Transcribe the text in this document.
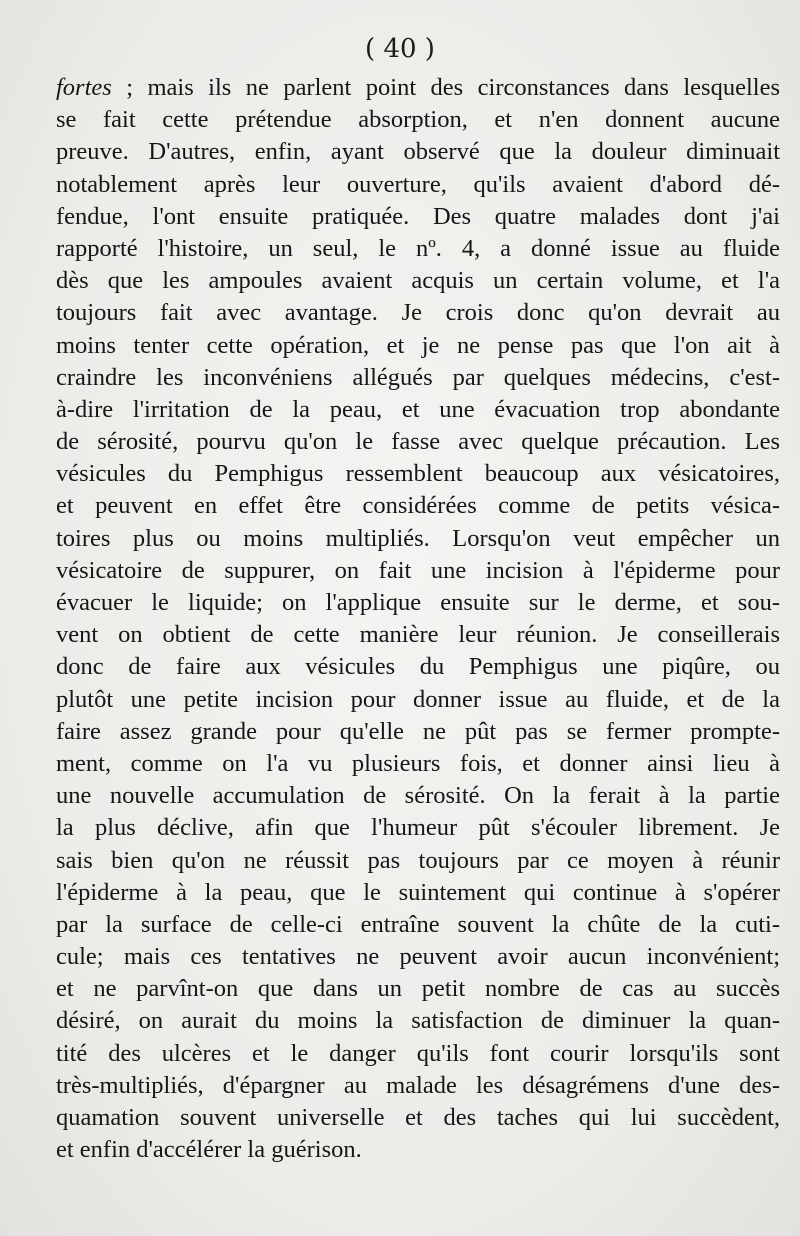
( 40 )
fortes ; mais ils ne parlent point des circonstances dans lesquelles
se fait cette prétendue absorption, et n'en donnent aucune
preuve. D'autres, enfin, ayant observé que la douleur diminuait
notablement après leur ouverture, qu'ils avaient d'abord dé-
fendue, l'ont ensuite pratiquée. Des quatre malades dont j'ai
rapporté l'histoire, un seul, le nº. 4, a donné issue au fluide
dès que les ampoules avaient acquis un certain volume, et l'a
toujours fait avec avantage. Je crois donc qu'on devrait au
moins tenter cette opération, et je ne pense pas que l'on ait à
craindre les inconvéniens allégués par quelques médecins, c'est-
à-dire l'irritation de la peau, et une évacuation trop abondante
de sérosité, pourvu qu'on le fasse avec quelque précaution. Les
vésicules du Pemphigus ressemblent beaucoup aux vésicatoires,
et peuvent en effet être considérées comme de petits vésica-
toires plus ou moins multipliés. Lorsqu'on veut empêcher un
vésicatoire de suppurer, on fait une incision à l'épiderme pour
évacuer le liquide; on l'applique ensuite sur le derme, et sou-
vent on obtient de cette manière leur réunion. Je conseillerais
donc de faire aux vésicules du Pemphigus une piqûre, ou
plutôt une petite incision pour donner issue au fluide, et de la
faire assez grande pour qu'elle ne pût pas se fermer prompte-
ment, comme on l'a vu plusieurs fois, et donner ainsi lieu à
une nouvelle accumulation de sérosité. On la ferait à la partie
la plus déclive, afin que l'humeur pût s'écouler librement. Je
sais bien qu'on ne réussit pas toujours par ce moyen à réunir
l'épiderme à la peau, que le suintement qui continue à s'opérer
par la surface de celle-ci entraîne souvent la chûte de la cuti-
cule; mais ces tentatives ne peuvent avoir aucun inconvénient;
et ne parvînt-on que dans un petit nombre de cas au succès
désiré, on aurait du moins la satisfaction de diminuer la quan-
tité des ulcères et le danger qu'ils font courir lorsqu'ils sont
très-multipliés, d'épargner au malade les désagrémens d'une des-
quamation souvent universelle et des taches qui lui succèdent,
et enfin d'accélérer la guérison.
